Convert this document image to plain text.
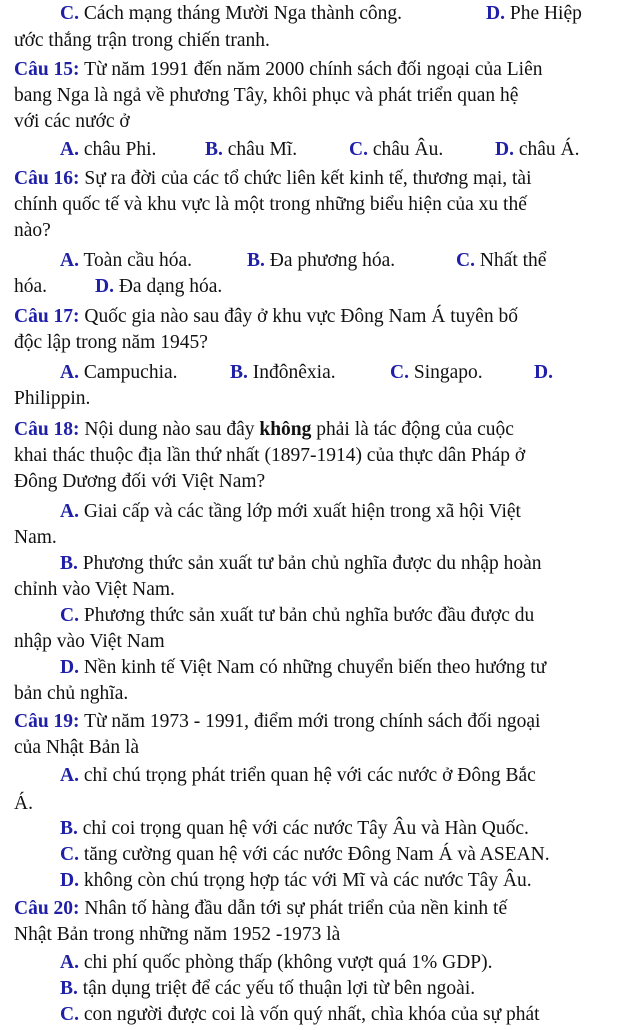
C. Cách mạng tháng Mười Nga thành công.	D. Phe Hiệp
ước thắng trận trong chiến tranh.
Câu 15: Từ năm 1991 đến năm 2000 chính sách đối ngoại của Liên
bang Nga là ngả về phương Tây, khôi phục và phát triển quan hệ
với các nước ở
A. châu Phi. B. châu Mĩ.	C. châu Âu.	D. châu Á.
Câu 16: Sự ra đời của các tổ chức liên kết kinh tế, thương mại, tài
chính quốc tế và khu vực là một trong những biểu hiện của xu thế
nào?
A. Toàn cầu hóa.	B. Đa phương hóa.	C. Nhất thể
hóa. D. Đa dạng hóa.
Câu 17: Quốc gia nào sau đây ở khu vực Đông Nam Á tuyên bố
độc lập trong năm 1945?
A. Campuchia.	B. Inđônêxia.	C. Singapo.	D.
Philippin.
Câu 18: Nội dung nào sau đây không phải là tác động của cuộc
khai thác thuộc địa lần thứ nhất (1897-1914) của thực dân Pháp ở
Đông Dương đối với Việt Nam?
A. Giai cấp và các tầng lớp mới xuất hiện trong xã hội Việt
Nam.
B. Phương thức sản xuất tư bản chủ nghĩa được du nhập hoàn
chỉnh vào Việt Nam.
C. Phương thức sản xuất tư bản chủ nghĩa bước đầu được du
nhập vào Việt Nam
D. Nền kinh tế Việt Nam có những chuyển biến theo hướng tư
bản chủ nghĩa.
Câu 19: Từ năm 1973 - 1991, điểm mới trong chính sách đối ngoại
của Nhật Bản là
A. chỉ chú trọng phát triển quan hệ với các nước ở Đông Bắc
Á.
B. chỉ coi trọng quan hệ với các nước Tây Âu và Hàn Quốc.
C. tăng cường quan hệ với các nước Đông Nam Á và ASEAN.
D. không còn chú trọng hợp tác với Mĩ và các nước Tây Âu.
Câu 20: Nhân tố hàng đầu dẫn tới sự phát triển của nền kinh tế
Nhật Bản trong những năm 1952 -1973 là
A. chi phí quốc phòng thấp (không vượt quá 1% GDP).
B. tận dụng triệt để các yếu tố thuận lợi từ bên ngoài.
C. con người được coi là vốn quý nhất, chìa khóa của sự phát
